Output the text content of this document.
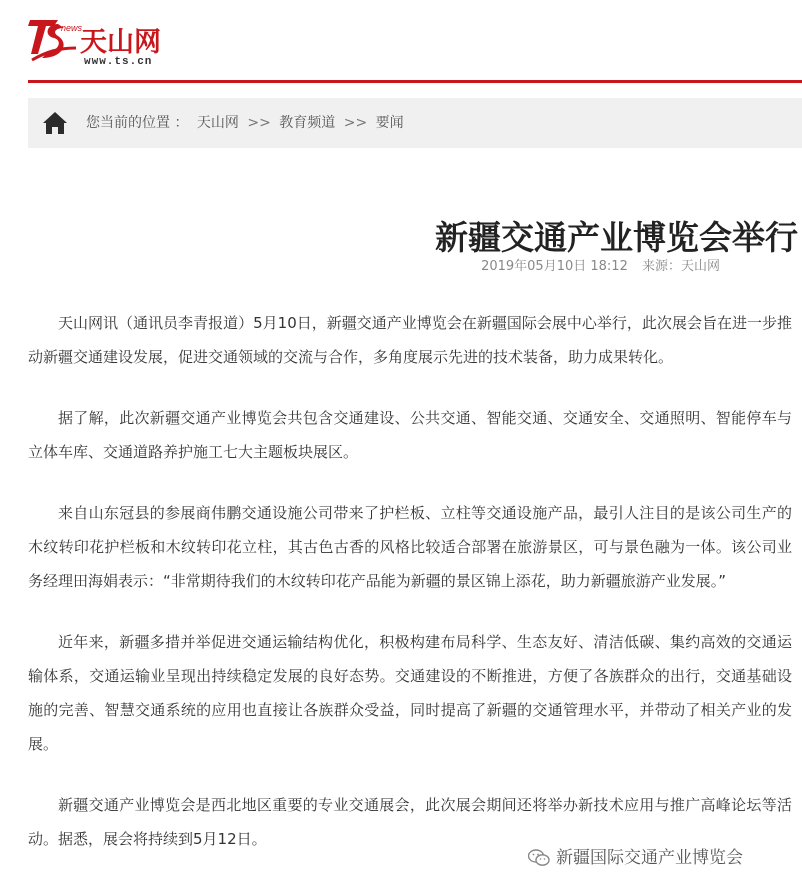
news
天山网
www.ts.cn
您当前的位置 ： 天山网 >> 教育频道 >> 要闻
新疆交通产业博览会举行
2019年05月10日 18:12 来源：天山网

天山网讯（通讯员李青报道）5月10日，新疆交通产业博览会在新疆国际会展中心举行，此次展会旨在进一步推动新疆交通建设发展，促进交通领域的交流与合作，多角度展示先进的技术装备，助力成果转化。

据了解，此次新疆交通产业博览会共包含交通建设、公共交通、智能交通、交通安全、交通照明、智能停车与立体车库、交通道路养护施工七大主题板块展区。

来自山东冠县的参展商伟鹏交通设施公司带来了护栏板、立柱等交通设施产品，最引人注目的是该公司生产的木纹转印花护栏板和木纹转印花立柱，其古色古香的风格比较适合部署在旅游景区，可与景色融为一体。该公司业务经理田海娟表示：“非常期待我们的木纹转印花产品能为新疆的景区锦上添花，助力新疆旅游产业发展。”

近年来，新疆多措并举促进交通运输结构优化，积极构建布局科学、生态友好、清洁低碳、集约高效的交通运输体系，交通运输业呈现出持续稳定发展的良好态势。交通建设的不断推进，方便了各族群众的出行，交通基础设施的完善、智慧交通系统的应用也直接让各族群众受益，同时提高了新疆的交通管理水平，并带动了相关产业的发展。

新疆交通产业博览会是西北地区重要的专业交通展会，此次展会期间还将举办新技术应用与推广高峰论坛等活动。据悉，展会将持续到5月12日。

新疆国际交通产业博览会
